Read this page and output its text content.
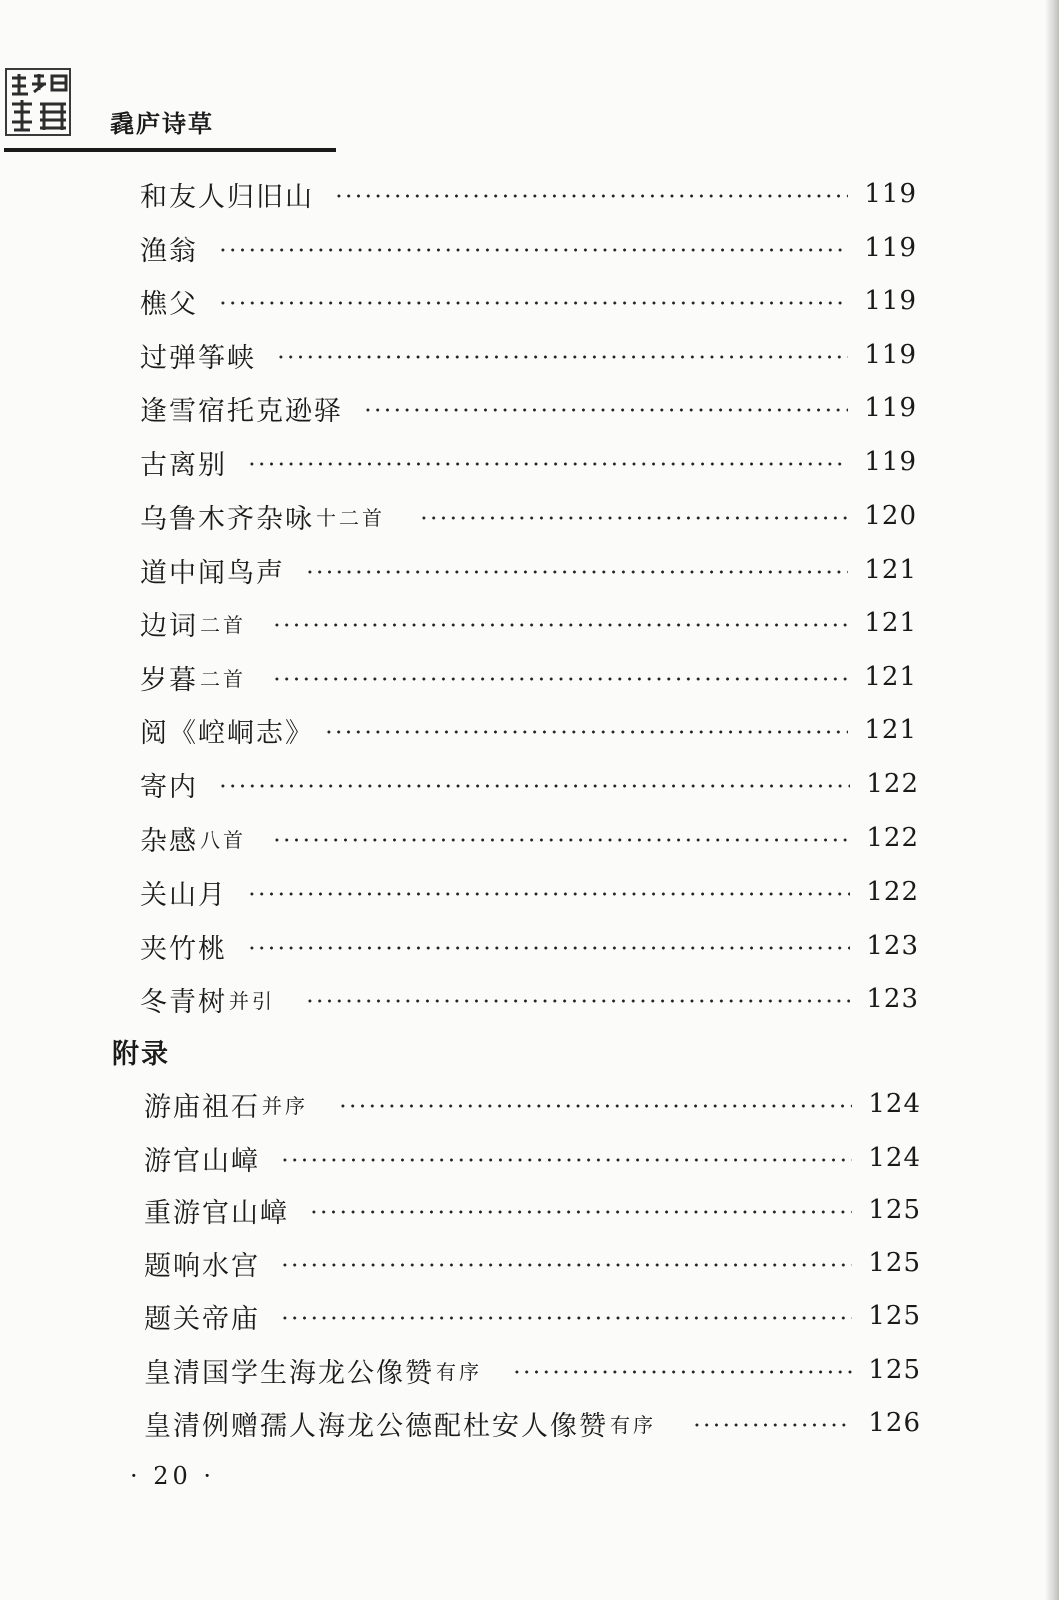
毳庐诗草
和友人归旧山	119
渔翁	119
樵父	119
过弹筝峡	119
逢雪宿托克逊驿	119
古离别	119
乌鲁木齐杂咏 十二首	120
道中闻鸟声	121
边词 二首	121
岁暮 二首	121
阅《崆峒志》	121
寄内	122
杂感 八首	122
关山月	122
夹竹桃	123
冬青树 并引	123
附录
游庙祖石 并序	124
游官山嶂	124
重游官山嶂	125
题响水宫	125
题关帝庙	125
皇清国学生海龙公像赞 有序	125
皇清例赠孺人海龙公德配杜安人像赞 有序	126
· 20 ·
